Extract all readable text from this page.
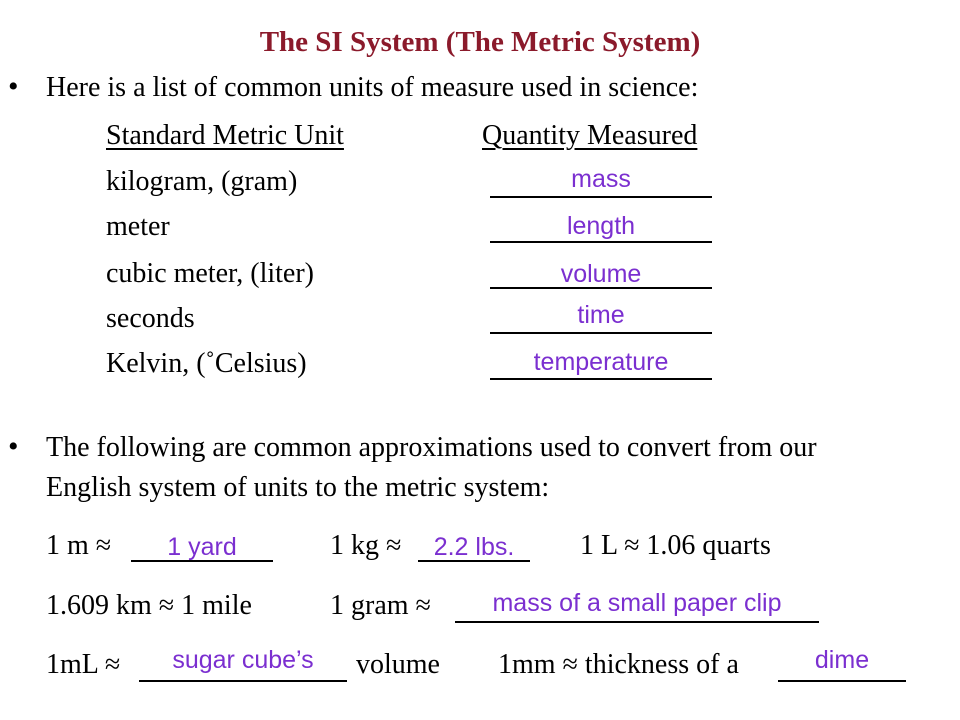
The SI System (The Metric System)
• Here is a list of common units of measure used in science:
Standard Metric Unit	Quantity Measured
kilogram, (gram)	mass
meter	length
cubic meter, (liter)	volume
seconds	time
Kelvin, (˚Celsius)	temperature
• The following are common approximations used to convert from our
English system of units to the metric system:
1 m ≈	1 yard	1 kg ≈	2.2 lbs.	1 L ≈ 1.06 quarts
1.609 km ≈ 1 mile	1 gram ≈	mass of a small paper clip
1mL ≈	sugar cube’s	volume 1mm ≈ thickness of a	dime
